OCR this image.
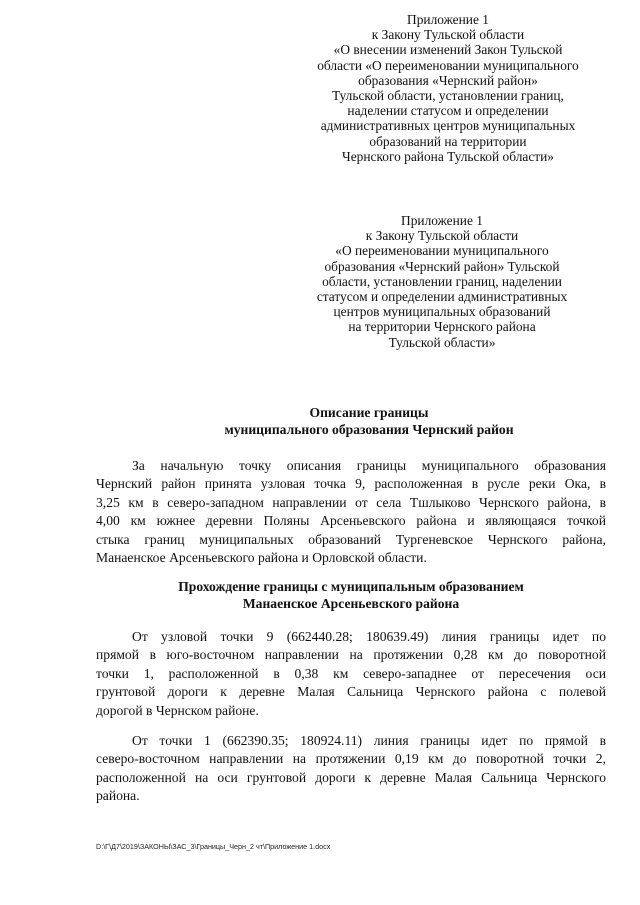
Приложение 1
к Закону Тульской области
«О внесении изменений Закон Тульской
области «О переименовании муниципального
образования «Чернский район»
Тульской области, установлении границ,
наделении статусом и определении
административных центров муниципальных
образований на территории
Чернского района Тульской области»
Приложение 1
к Закону Тульской области
«О переименовании муниципального
образования «Чернский район» Тульской
области, установлении границ, наделении
статусом и определении административных
центров муниципальных образований
на территории Чернского района
Тульской области»
Описание границы
муниципального образования Чернский район
За начальную точку описания границы муниципального образования
Чернский район принята узловая точка 9, расположенная в русле реки Ока, в
3,25 км в северо-западном направлении от села Тшлыково Чернского района, в
4,00 км южнее деревни Поляны Арсеньевского района и являющаяся точкой
стыка границ муниципальных образований Тургеневское Чернского района,
Манаенское Арсеньевского района и Орловской области.
Прохождение границы с муниципальным образованием
Манаенское Арсеньевского района
От узловой точки 9 (662440.28; 180639.49) линия границы идет по
прямой в юго-восточном направлении на протяжении 0,28 км до поворотной
точки 1, расположенной в 0,38 км северо-западнее от пересечения оси
грунтовой дороги к деревне Малая Сальница Чернского района с полевой
дорогой в Чернском районе.
От точки 1 (662390.35; 180924.11) линия границы идет по прямой в
северо-восточном направлении на протяжении 0,19 км до поворотной точки 2,
расположенной на оси грунтовой дороги к деревне Малая Сальница Чернского
района.
D:\Г\Д7\2019\ЗАКОНЫ\ЗАС_3\Границы_Черн_2 чт\Приложение 1.docx
